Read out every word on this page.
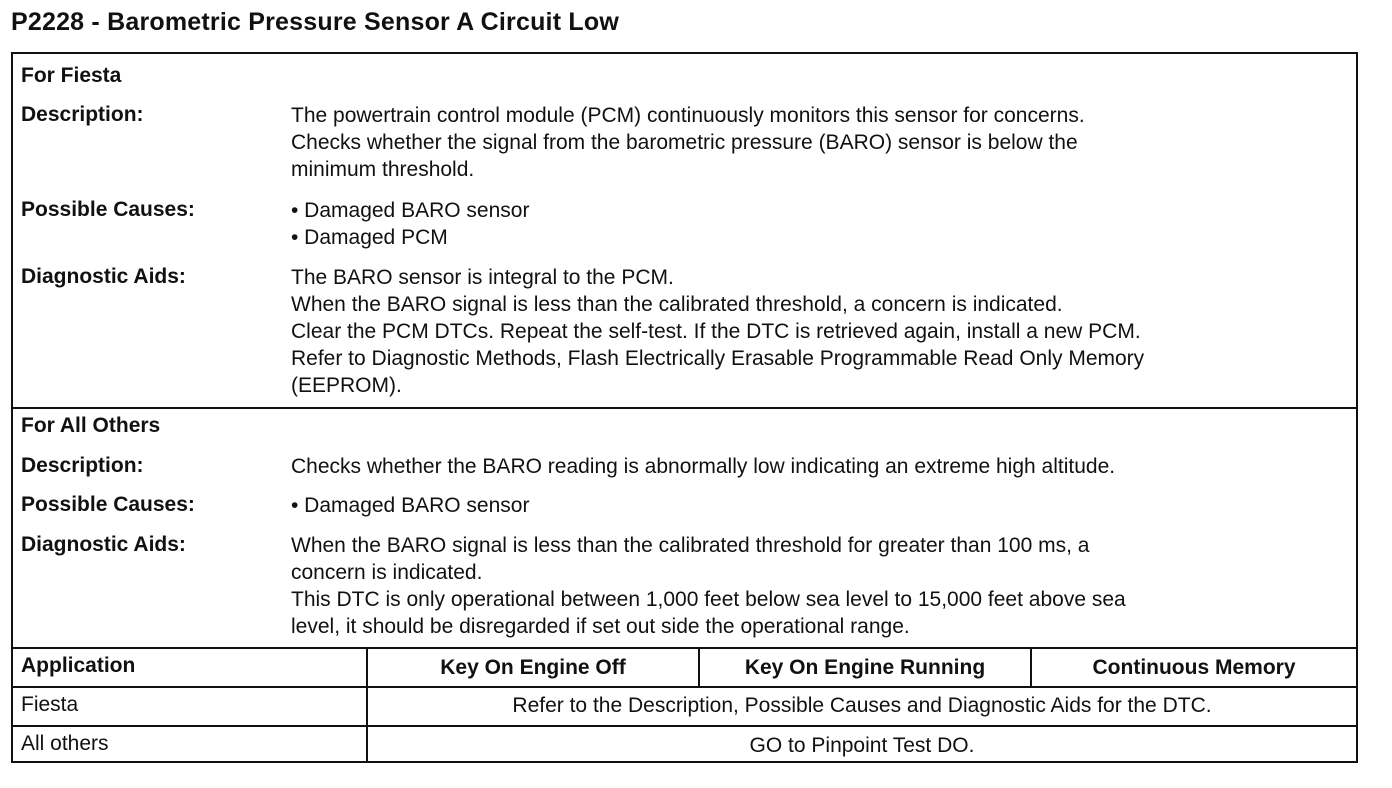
P2228 - Barometric Pressure Sensor A Circuit Low
For Fiesta
Description:	The powertrain control module (PCM) continuously monitors this sensor for concerns.
Checks whether the signal from the barometric pressure (BARO) sensor is below the
minimum threshold.
Possible Causes:	• Damaged BARO sensor
• Damaged PCM
Diagnostic Aids:	The BARO sensor is integral to the PCM.
When the BARO signal is less than the calibrated threshold, a concern is indicated.
Clear the PCM DTCs. Repeat the self-test. If the DTC is retrieved again, install a new PCM.
Refer to Diagnostic Methods, Flash Electrically Erasable Programmable Read Only Memory
(EEPROM).
For All Others
Description:	Checks whether the BARO reading is abnormally low indicating an extreme high altitude.
Possible Causes:	• Damaged BARO sensor
Diagnostic Aids:	When the BARO signal is less than the calibrated threshold for greater than 100 ms, a
concern is indicated.
This DTC is only operational between 1,000 feet below sea level to 15,000 feet above sea
level, it should be disregarded if set out side the operational range.
Application	Key On Engine Off	Key On Engine Running	Continuous Memory
Fiesta	Refer to the Description, Possible Causes and Diagnostic Aids for the DTC.
All others	GO to Pinpoint Test DO.
